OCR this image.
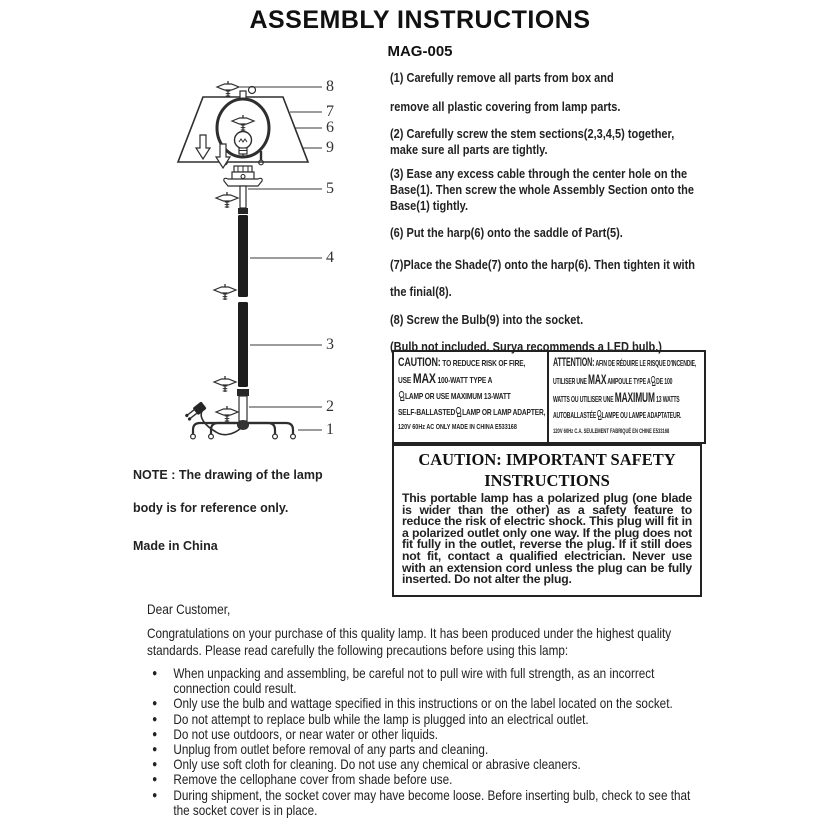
ASSEMBLY INSTRUCTIONS
MAG-005
8
7
6
9
5
4
3
2
1

(1) Carefully remove all parts from box and

remove all plastic covering from lamp parts.

(2) Carefully screw the stem sections(2,3,4,5) together, make sure all parts are tightly.

(3) Ease any excess cable through the center hole on the Base(1). Then screw the whole Assembly Section onto the Base(1) tightly.

(6) Put the harp(6) onto the saddle of Part(5).

(7)Place the Shade(7) onto the harp(6). Then tighten it with the finial(8).

(8) Screw the Bulb(9) into the socket.

(Bulb not included. Surya recommends a LED bulb.)

CAUTION: TO REDUCE RISK OF FIRE,
USE MAX 100-WATT TYPE A
LAMP OR USE MAXIMUM 13-WATT
SELF-BALLASTED LAMP OR LAMP ADAPTER,
120V 60Hz AC ONLY MADE IN CHINA E533168
ATTENTION: AFIN DE RÉDUIRE LE RISQUE D'INCENDIE,
UTILISER UNE MAX AMPOULE TYPE A DE 100
WATTS OU UTILISER UNE MAXIMUM 13 WATTS
AUTOBALLASTÉE LAMPE OU LAMPE ADAPTATEUR.
120V 60Hz C.A. SEULEMENT FABRIQUÉ EN CHINE E533168
CAUTION: IMPORTANT SAFETY
INSTRUCTIONS
This portable lamp has a polarized plug (one blade is wider than the other) as a safety feature to reduce the risk of electric shock. This plug will fit in a polarized outlet only one way. If the plug does not fit fully in the outlet, reverse the plug. If it still does not fit, contact a qualified electrician. Never use with an extension cord unless the plug can be fully inserted. Do not alter the plug.
NOTE : The drawing of the lamp
body is for reference only.
Made in China
Dear Customer,
Congratulations on your purchase of this quality lamp. It has been produced under the highest quality standards. Please read carefully the following precautions before using this lamp:
● When unpacking and assembling, be careful not to pull wire with full strength, as an incorrect connection could result.
● Only use the bulb and wattage specified in this instructions or on the label located on the socket.
● Do not attempt to replace bulb while the lamp is plugged into an electrical outlet.
● Do not use outdoors, or near water or other liquids.
● Unplug from outlet before removal of any parts and cleaning.
● Only use soft cloth for cleaning. Do not use any chemical or abrasive cleaners.
● Remove the cellophane cover from shade before use.
● During shipment, the socket cover may have become loose. Before inserting bulb, check to see that the socket cover is in place.
